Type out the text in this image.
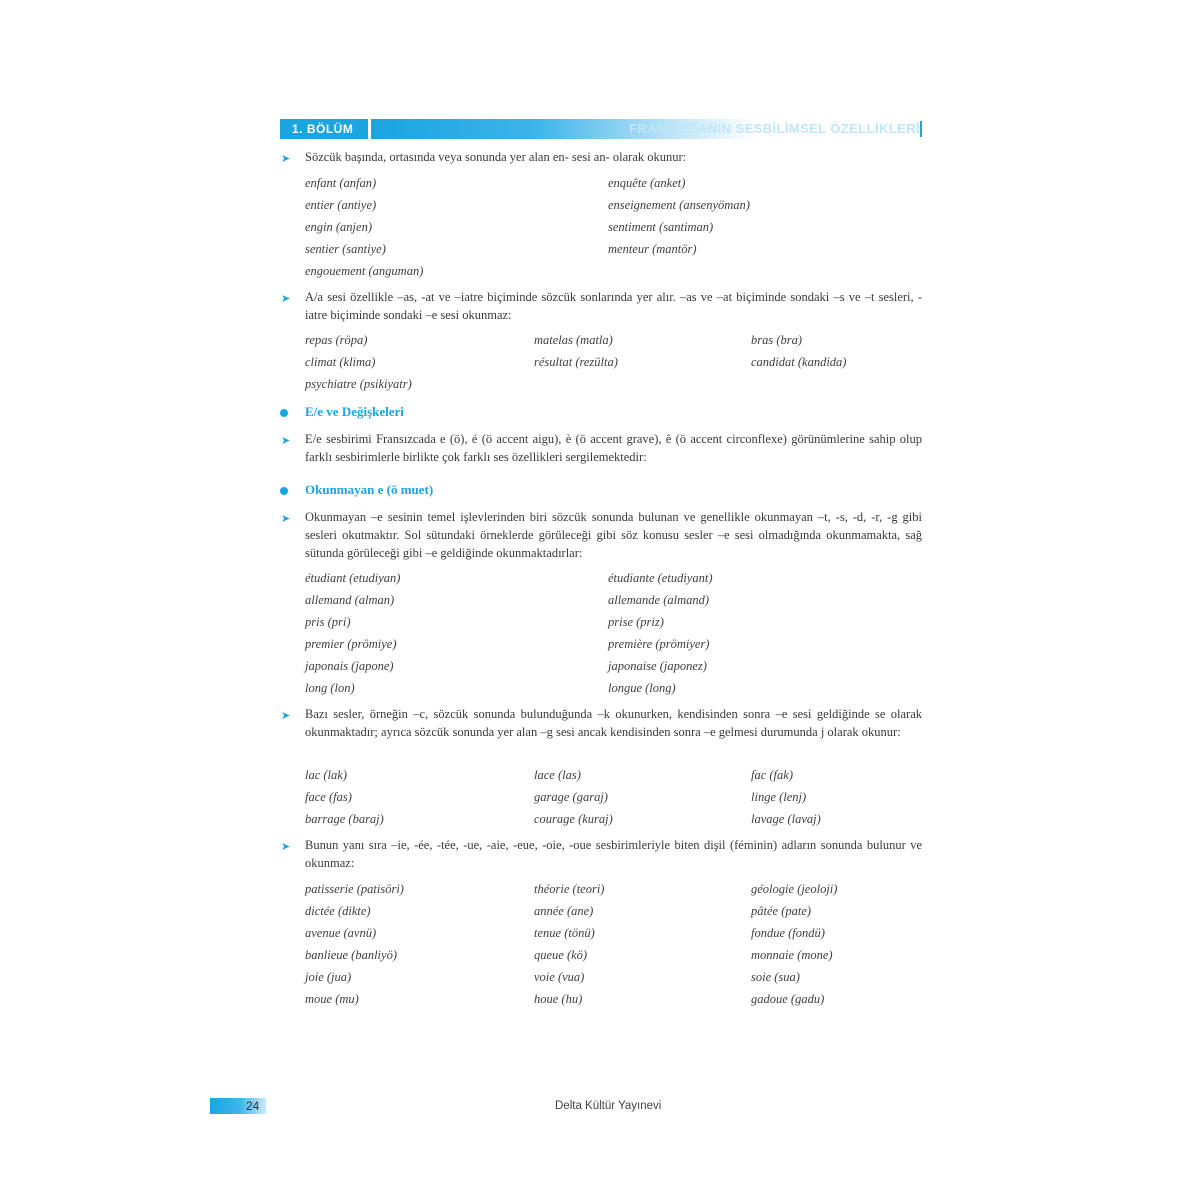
1. BÖLÜM	FRANSIZCANIN SESBİLİMSEL ÖZELLİKLERİ
➤	Sözcük başında, ortasında veya sonunda yer alan en- sesi an- olarak okunur:
enfant (anfan)	enquête (anket)
entier (antiye)	enseignement (ansenyöman)
engin (anjen)	sentiment (santiman)
sentier (santiye)	menteur (mantör)
engouement (anguman)
➤	A/a sesi özellikle –as, -at ve –iatre biçiminde sözcük sonlarında yer alır. –as ve –at biçiminde sondaki –s ve –t sesleri, -iatre biçiminde sondaki –e sesi okunmaz:
repas (röpa)	matelas (matla)	bras (bra)
climat (klima)	résultat (rezülta)	candidat (kandida)
psychiatre (psikiyatr)
E/e ve Değişkeleri
➤	E/e sesbirimi Fransızcada e (ö), é (ö accent aigu), è (ö accent grave), ê (ö accent circonflexe) görünümlerine sahip olup farklı sesbirimlerle birlikte çok farklı ses özellikleri sergilemektedir:
Okunmayan e (ö muet)
➤	Okunmayan –e sesinin temel işlevlerinden biri sözcük sonunda bulunan ve genellikle okunmayan –t, -s, -d, -r, -g gibi sesleri okutmaktır. Sol sütundaki örneklerde görüleceği gibi söz konusu sesler –e sesi olmadığında okunmamakta, sağ sütunda görüleceği gibi –e geldiğinde okunmaktadırlar:
étudiant (etudiyan)	étudiante (etudiyant)
allemand (alman)	allemande (almand)
pris (pri)	prise (priz)
premier (prömiye)	première (prömiyer)
japonais (japone)	japonaise (japonez)
long (lon)	longue (long)
➤	Bazı sesler, örneğin –c, sözcük sonunda bulunduğunda –k okunurken, kendisinden sonra –e sesi geldiğinde se olarak okunmaktadır; ayrıca sözcük sonunda yer alan –g sesi ancak kendisinden sonra –e gelmesi durumunda j olarak okunur:
lac (lak)	lace (las)	fac (fak)
face (fas)	garage (garaj)	linge (lenj)
barrage (baraj)	courage (kuraj)	lavage (lavaj)
➤	Bunun yanı sıra –ie, -ée, -tée, -ue, -aie, -eue, -oie, -oue sesbirimleriyle biten dişil (féminin) adların sonunda bulunur ve okunmaz:
patisserie (patisöri)	théorie (teori)	géologie (jeoloji)
dictée (dikte)	année (ane)	pâtée (pate)
avenue (avnü)	tenue (tönü)	fondue (fondü)
banlieue (banliyö)	queue (kö)	monnaie (mone)
joie (jua)	voie (vua)	soie (sua)
moue (mu)	houe (hu)	gadoue (gadu)
24	Delta Kültür Yayınevi
